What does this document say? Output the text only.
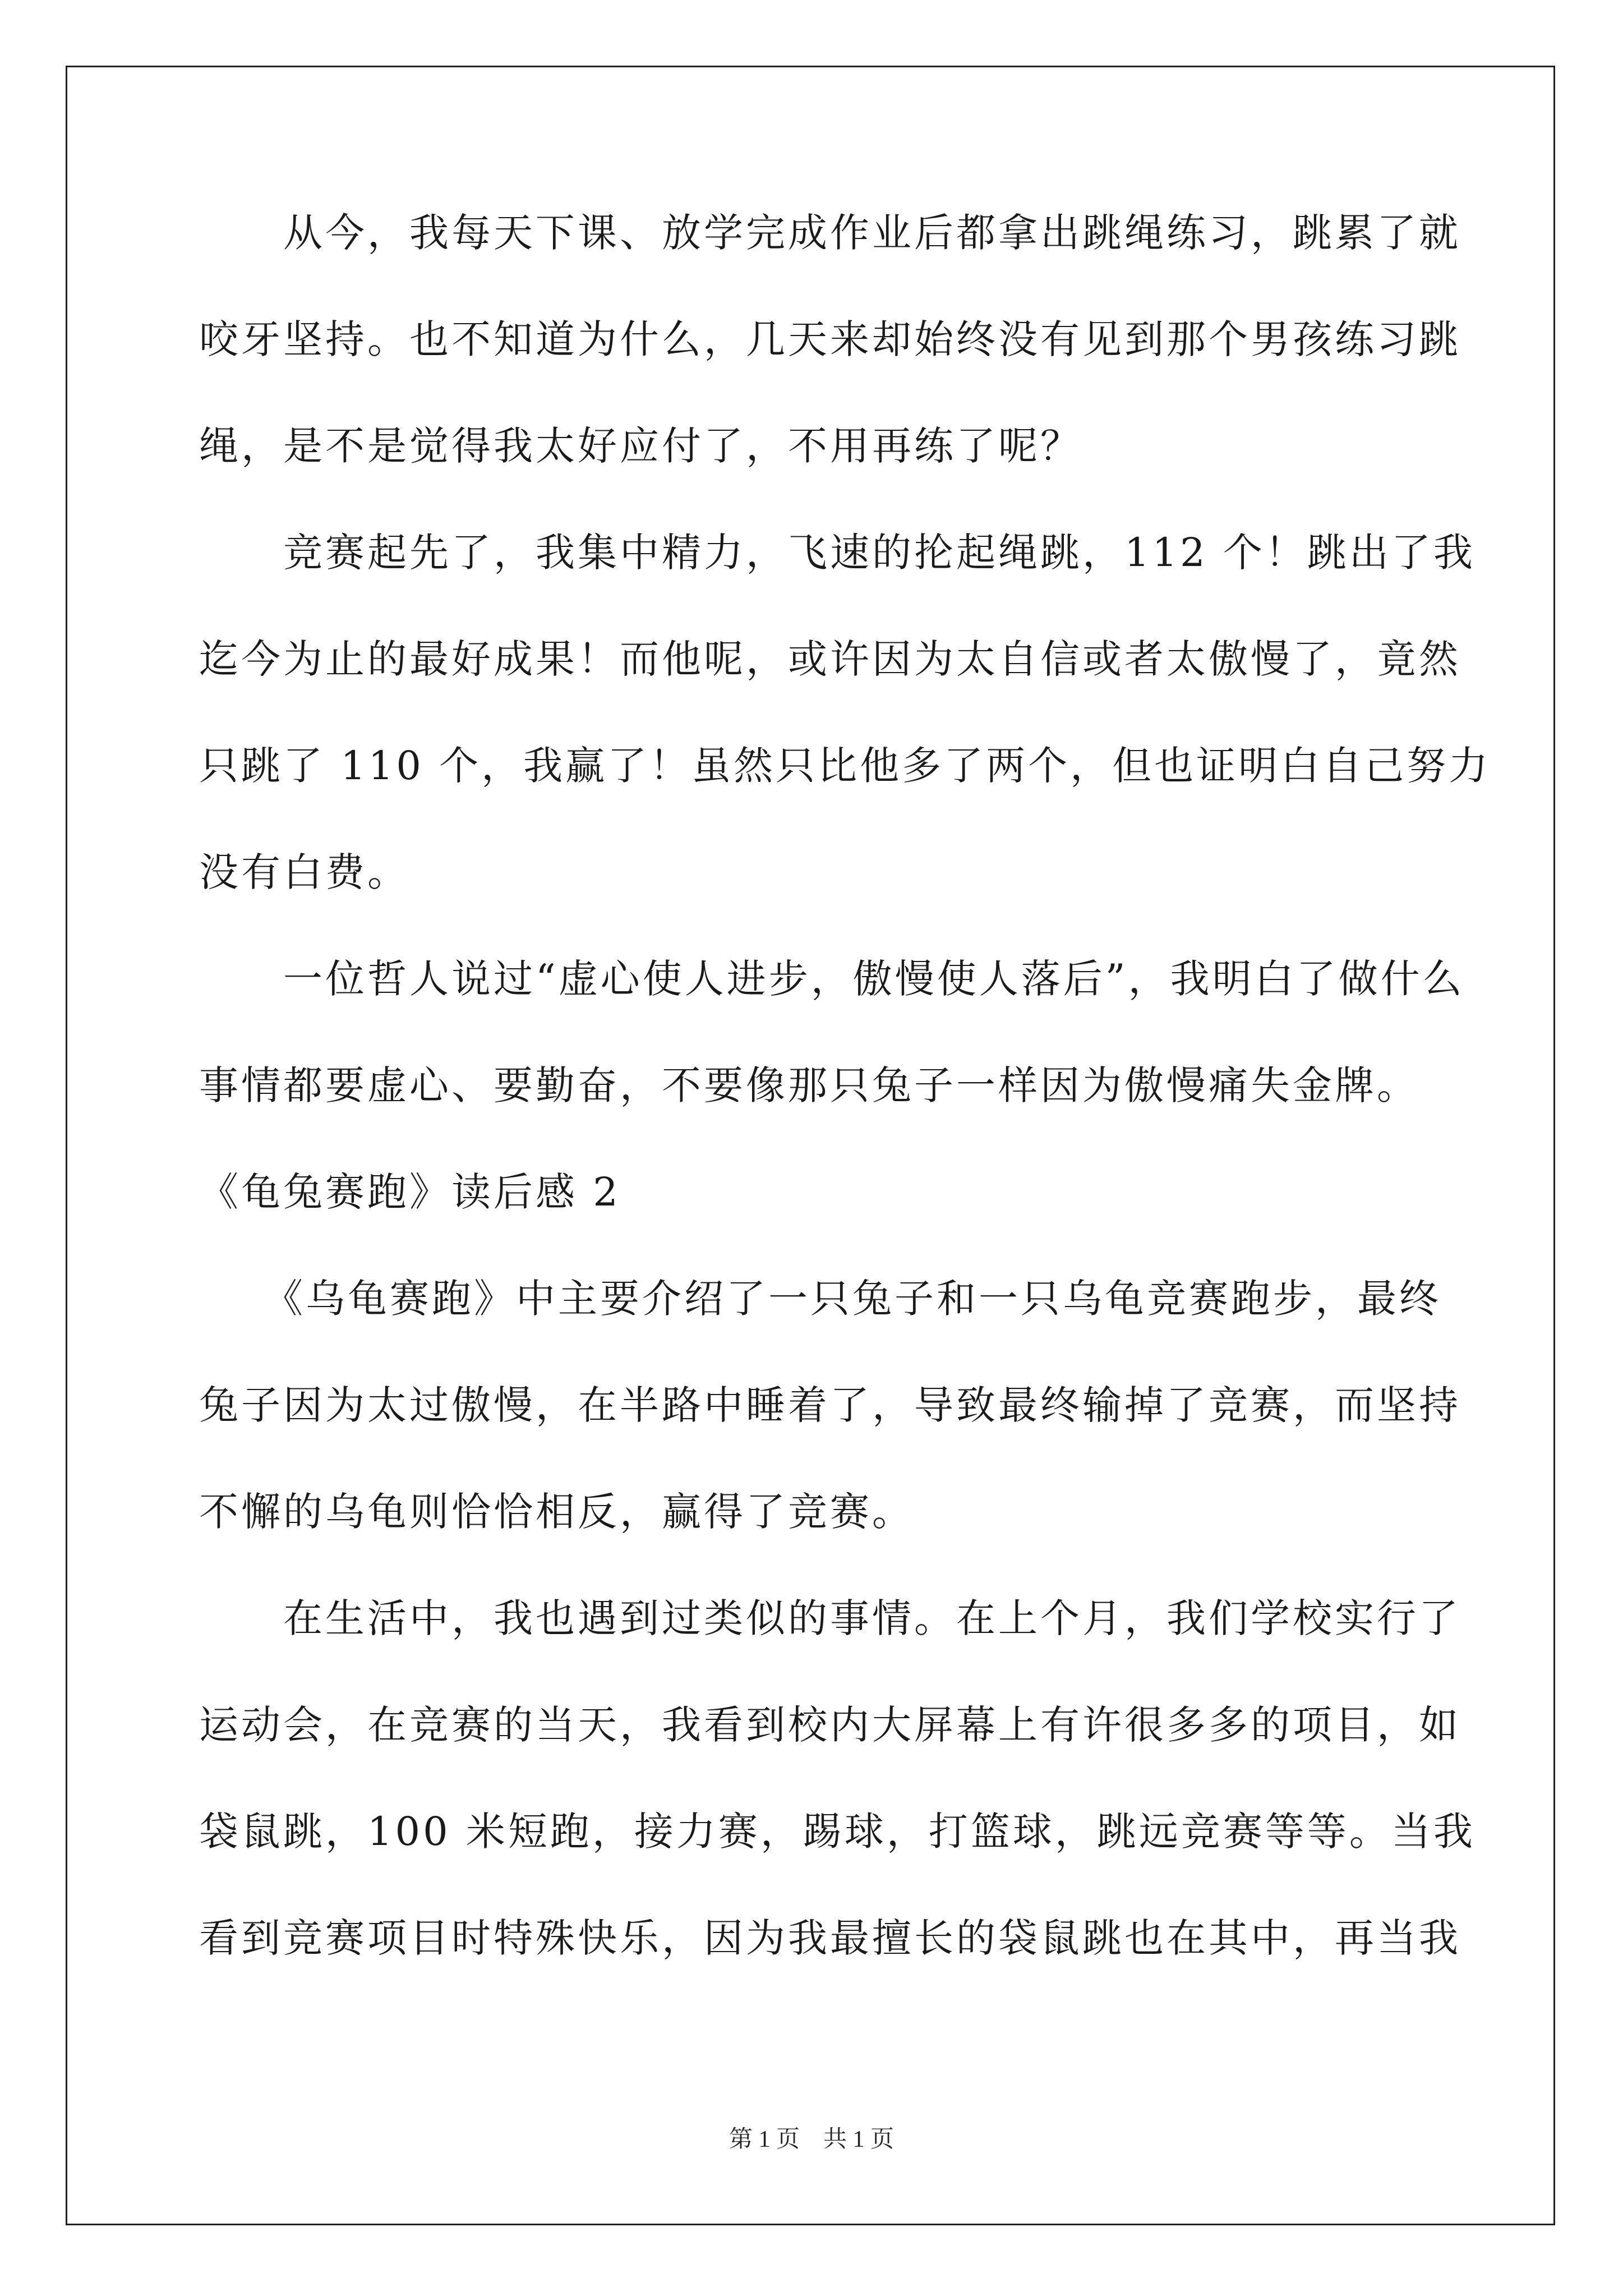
　　从今，我每天下课、放学完成作业后都拿出跳绳练习，跳累了就
咬牙坚持。也不知道为什么，几天来却始终没有见到那个男孩练习跳
绳，是不是觉得我太好应付了，不用再练了呢？
　　竞赛起先了，我集中精力，飞速的抡起绳跳，112 个！跳出了我
迄今为止的最好成果！而他呢，或许因为太自信或者太傲慢了，竟然
只跳了 110 个，我赢了！虽然只比他多了两个，但也证明白自己努力
没有白费。
　　一位哲人说过“虚心使人进步，傲慢使人落后”，我明白了做什么
事情都要虚心、要勤奋，不要像那只兔子一样因为傲慢痛失金牌。
《龟兔赛跑》读后感 2
　　《乌龟赛跑》中主要介绍了一只兔子和一只乌龟竞赛跑步，最终
兔子因为太过傲慢，在半路中睡着了，导致最终输掉了竞赛，而坚持
不懈的乌龟则恰恰相反，赢得了竞赛。
　　在生活中，我也遇到过类似的事情。在上个月，我们学校实行了
运动会，在竞赛的当天，我看到校内大屏幕上有许很多多的项目，如
袋鼠跳，100 米短跑，接力赛，踢球，打篮球，跳远竞赛等等。当我
看到竞赛项目时特殊快乐，因为我最擅长的袋鼠跳也在其中，再当我
第 1 页　共 1 页
